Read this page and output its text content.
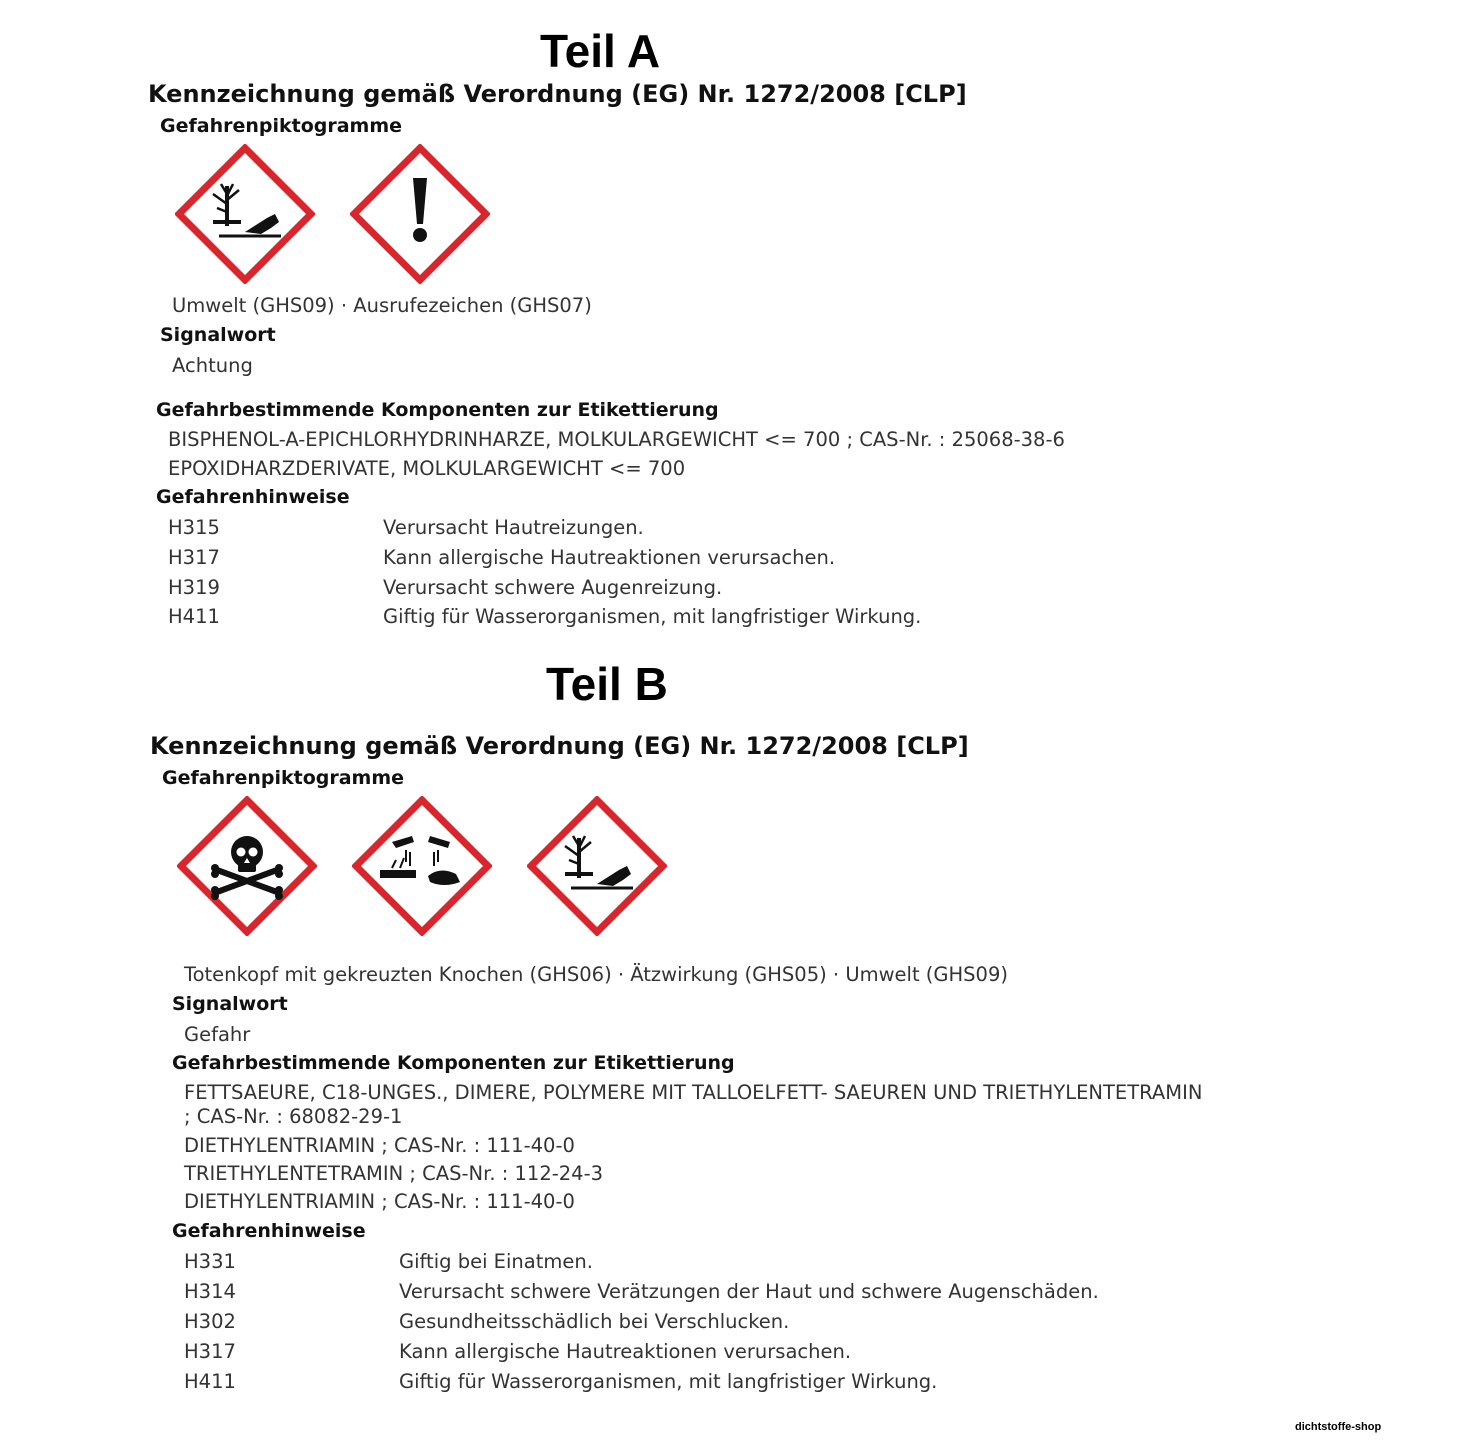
Teil A
Kennzeichnung gemäß Verordnung (EG) Nr. 1272/2008 [CLP]
Gefahrenpiktogramme
Umwelt (GHS09) · Ausrufezeichen (GHS07)
Signalwort
Achtung
Gefahrbestimmende Komponenten zur Etikettierung
BISPHENOL-A-EPICHLORHYDRINHARZE, MOLKULARGEWICHT <= 700 ; CAS-Nr. : 25068-38-6
EPOXIDHARZDERIVATE, MOLKULARGEWICHT <= 700
Gefahrenhinweise
H315	Verursacht Hautreizungen.
H317	Kann allergische Hautreaktionen verursachen.
H319	Verursacht schwere Augenreizung.
H411	Giftig für Wasserorganismen, mit langfristiger Wirkung.
Teil B
Kennzeichnung gemäß Verordnung (EG) Nr. 1272/2008 [CLP]
Gefahrenpiktogramme
Totenkopf mit gekreuzten Knochen (GHS06) · Ätzwirkung (GHS05) · Umwelt (GHS09)
Signalwort
Gefahr
Gefahrbestimmende Komponenten zur Etikettierung
FETTSAEURE, C18-UNGES., DIMERE, POLYMERE MIT TALLOELFETT- SAEUREN UND TRIETHYLENTETRAMIN
; CAS-Nr. : 68082-29-1
DIETHYLENTRIAMIN ; CAS-Nr. : 111-40-0
TRIETHYLENTETRAMIN ; CAS-Nr. : 112-24-3
DIETHYLENTRIAMIN ; CAS-Nr. : 111-40-0
Gefahrenhinweise
H331	Giftig bei Einatmen.
H314	Verursacht schwere Verätzungen der Haut und schwere Augenschäden.
H302	Gesundheitsschädlich bei Verschlucken.
H317	Kann allergische Hautreaktionen verursachen.
H411	Giftig für Wasserorganismen, mit langfristiger Wirkung.
dichtstoffe-shop
